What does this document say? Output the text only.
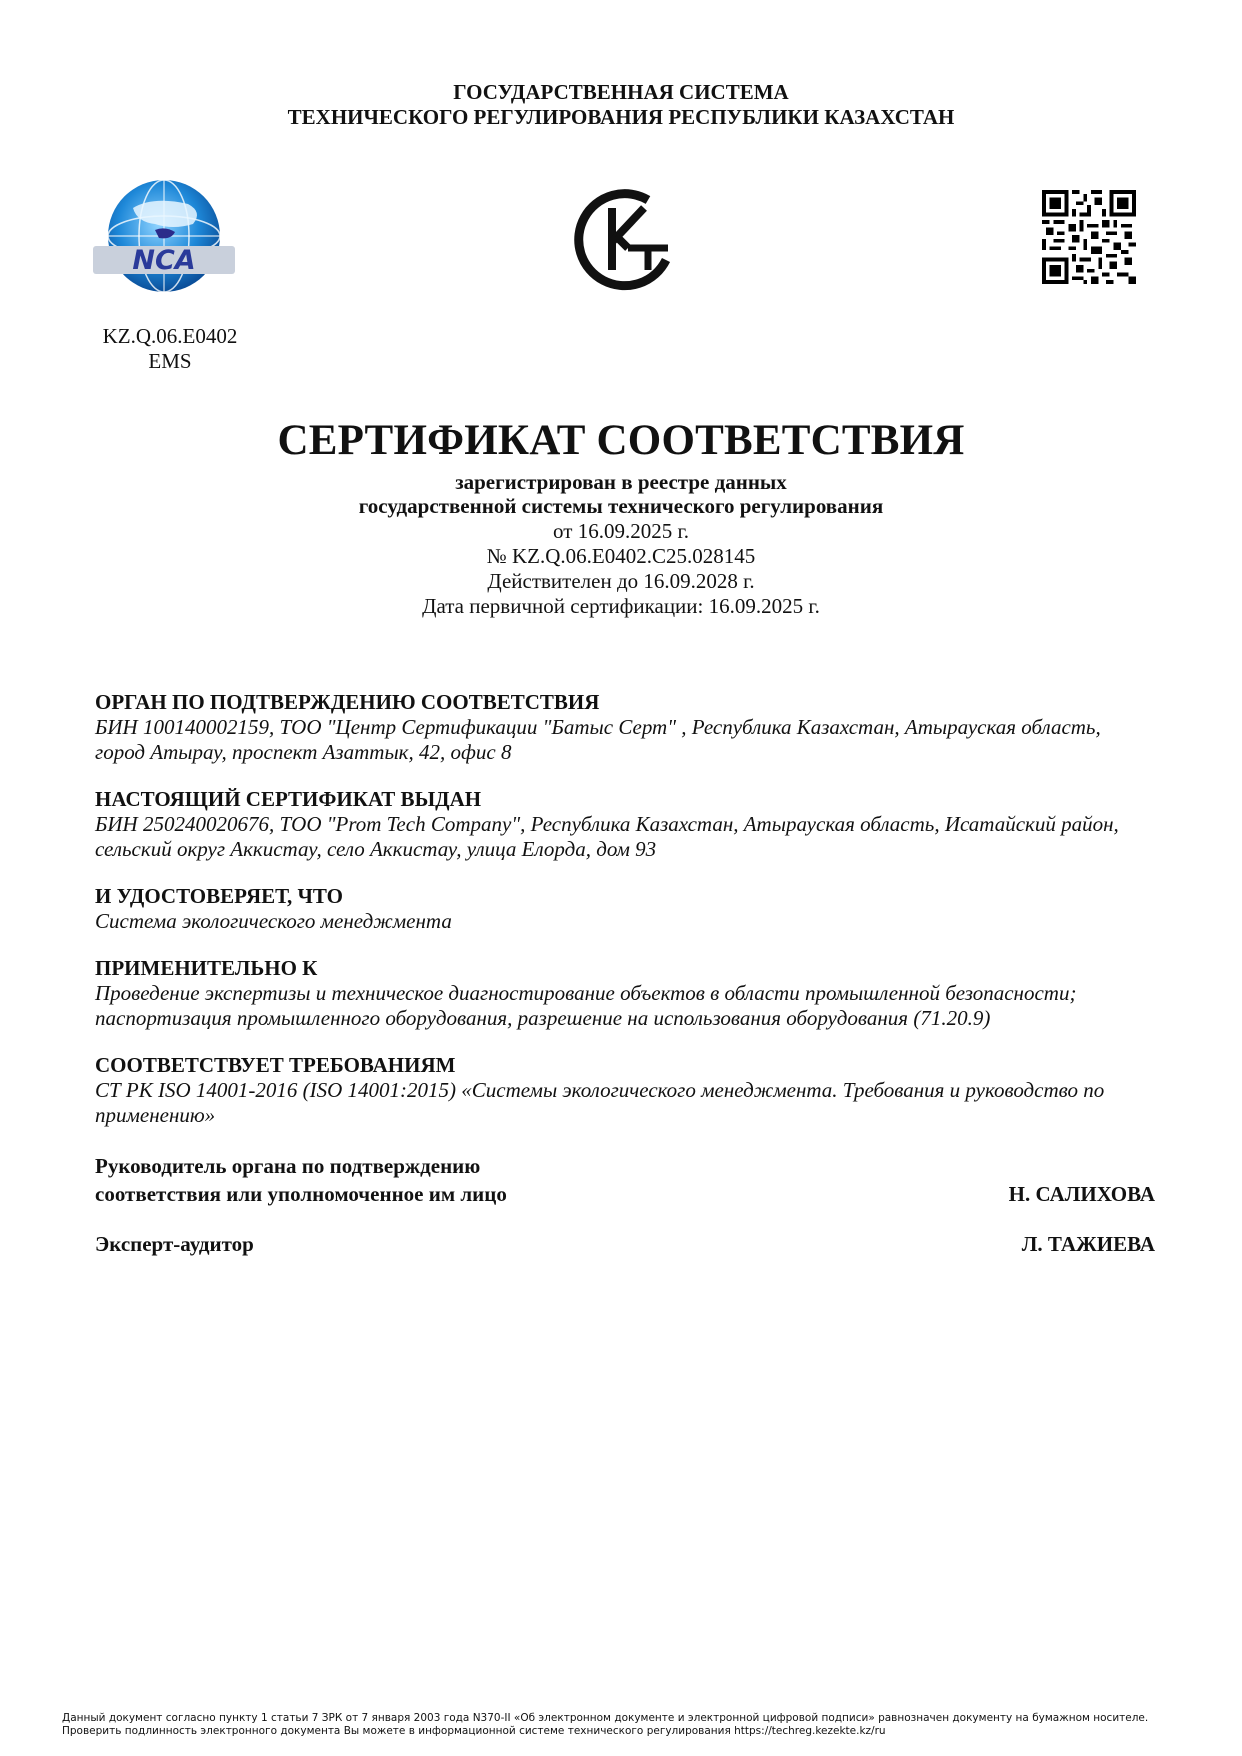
ГОСУДАРСТВЕННАЯ СИСТЕМА
ТЕХНИЧЕСКОГО РЕГУЛИРОВАНИЯ РЕСПУБЛИКИ КАЗАХСТАН
NCA
KZ.Q.06.E0402
EMS
СЕРТИФИКАТ СООТВЕТСТВИЯ
зарегистрирован в реестре данных
государственной системы технического регулирования
от 16.09.2025 г.
№ KZ.Q.06.E0402.C25.028145
Действителен до 16.09.2028 г.
Дата первичной сертификации: 16.09.2025 г.

ОРГАН ПО ПОДТВЕРЖДЕНИЮ СООТВЕТСТВИЯ

БИН 100140002159, ТОО "Центр Сертификации "Батыс Серт" , Республика Казахстан, Атырауская область, город Атырау, проспект Азаттык, 42, офис 8

НАСТОЯЩИЙ СЕРТИФИКАТ ВЫДАН

БИН 250240020676, ТОО "Prom Tech Company", Республика Казахстан, Атырауская область, Исатайский район, сельский округ Аккистау, село Аккистау, улица Елорда, дом 93

И УДОСТОВЕРЯЕТ, ЧТО

Система экологического менеджмента

ПРИМЕНИТЕЛЬНО К

Проведение экспертизы и техническое диагностирование объектов в области промышленной безопасности; паспортизация промышленного оборудования, разрешение на использования оборудования (71.20.9)

СООТВЕТСТВУЕТ ТРЕБОВАНИЯМ

СТ РК ISO 14001-2016 (ISO 14001:2015) «Системы экологического менеджмента. Требования и руководство по применению»

Руководитель органа по подтверждению
соответствия или уполномоченное им лицо	Н. САЛИХОВА
Эксперт-аудитор	Л. ТАЖИЕВА
Данный документ согласно пункту 1 статьи 7 ЗРК от 7 января 2003 года N370-II «Об электронном документе и электронной цифровой подписи» равнозначен документу на бумажном носителе.
Проверить подлинность электронного документа Вы можете в информационной системе технического регулирования https://techreg.kezekte.kz/ru
